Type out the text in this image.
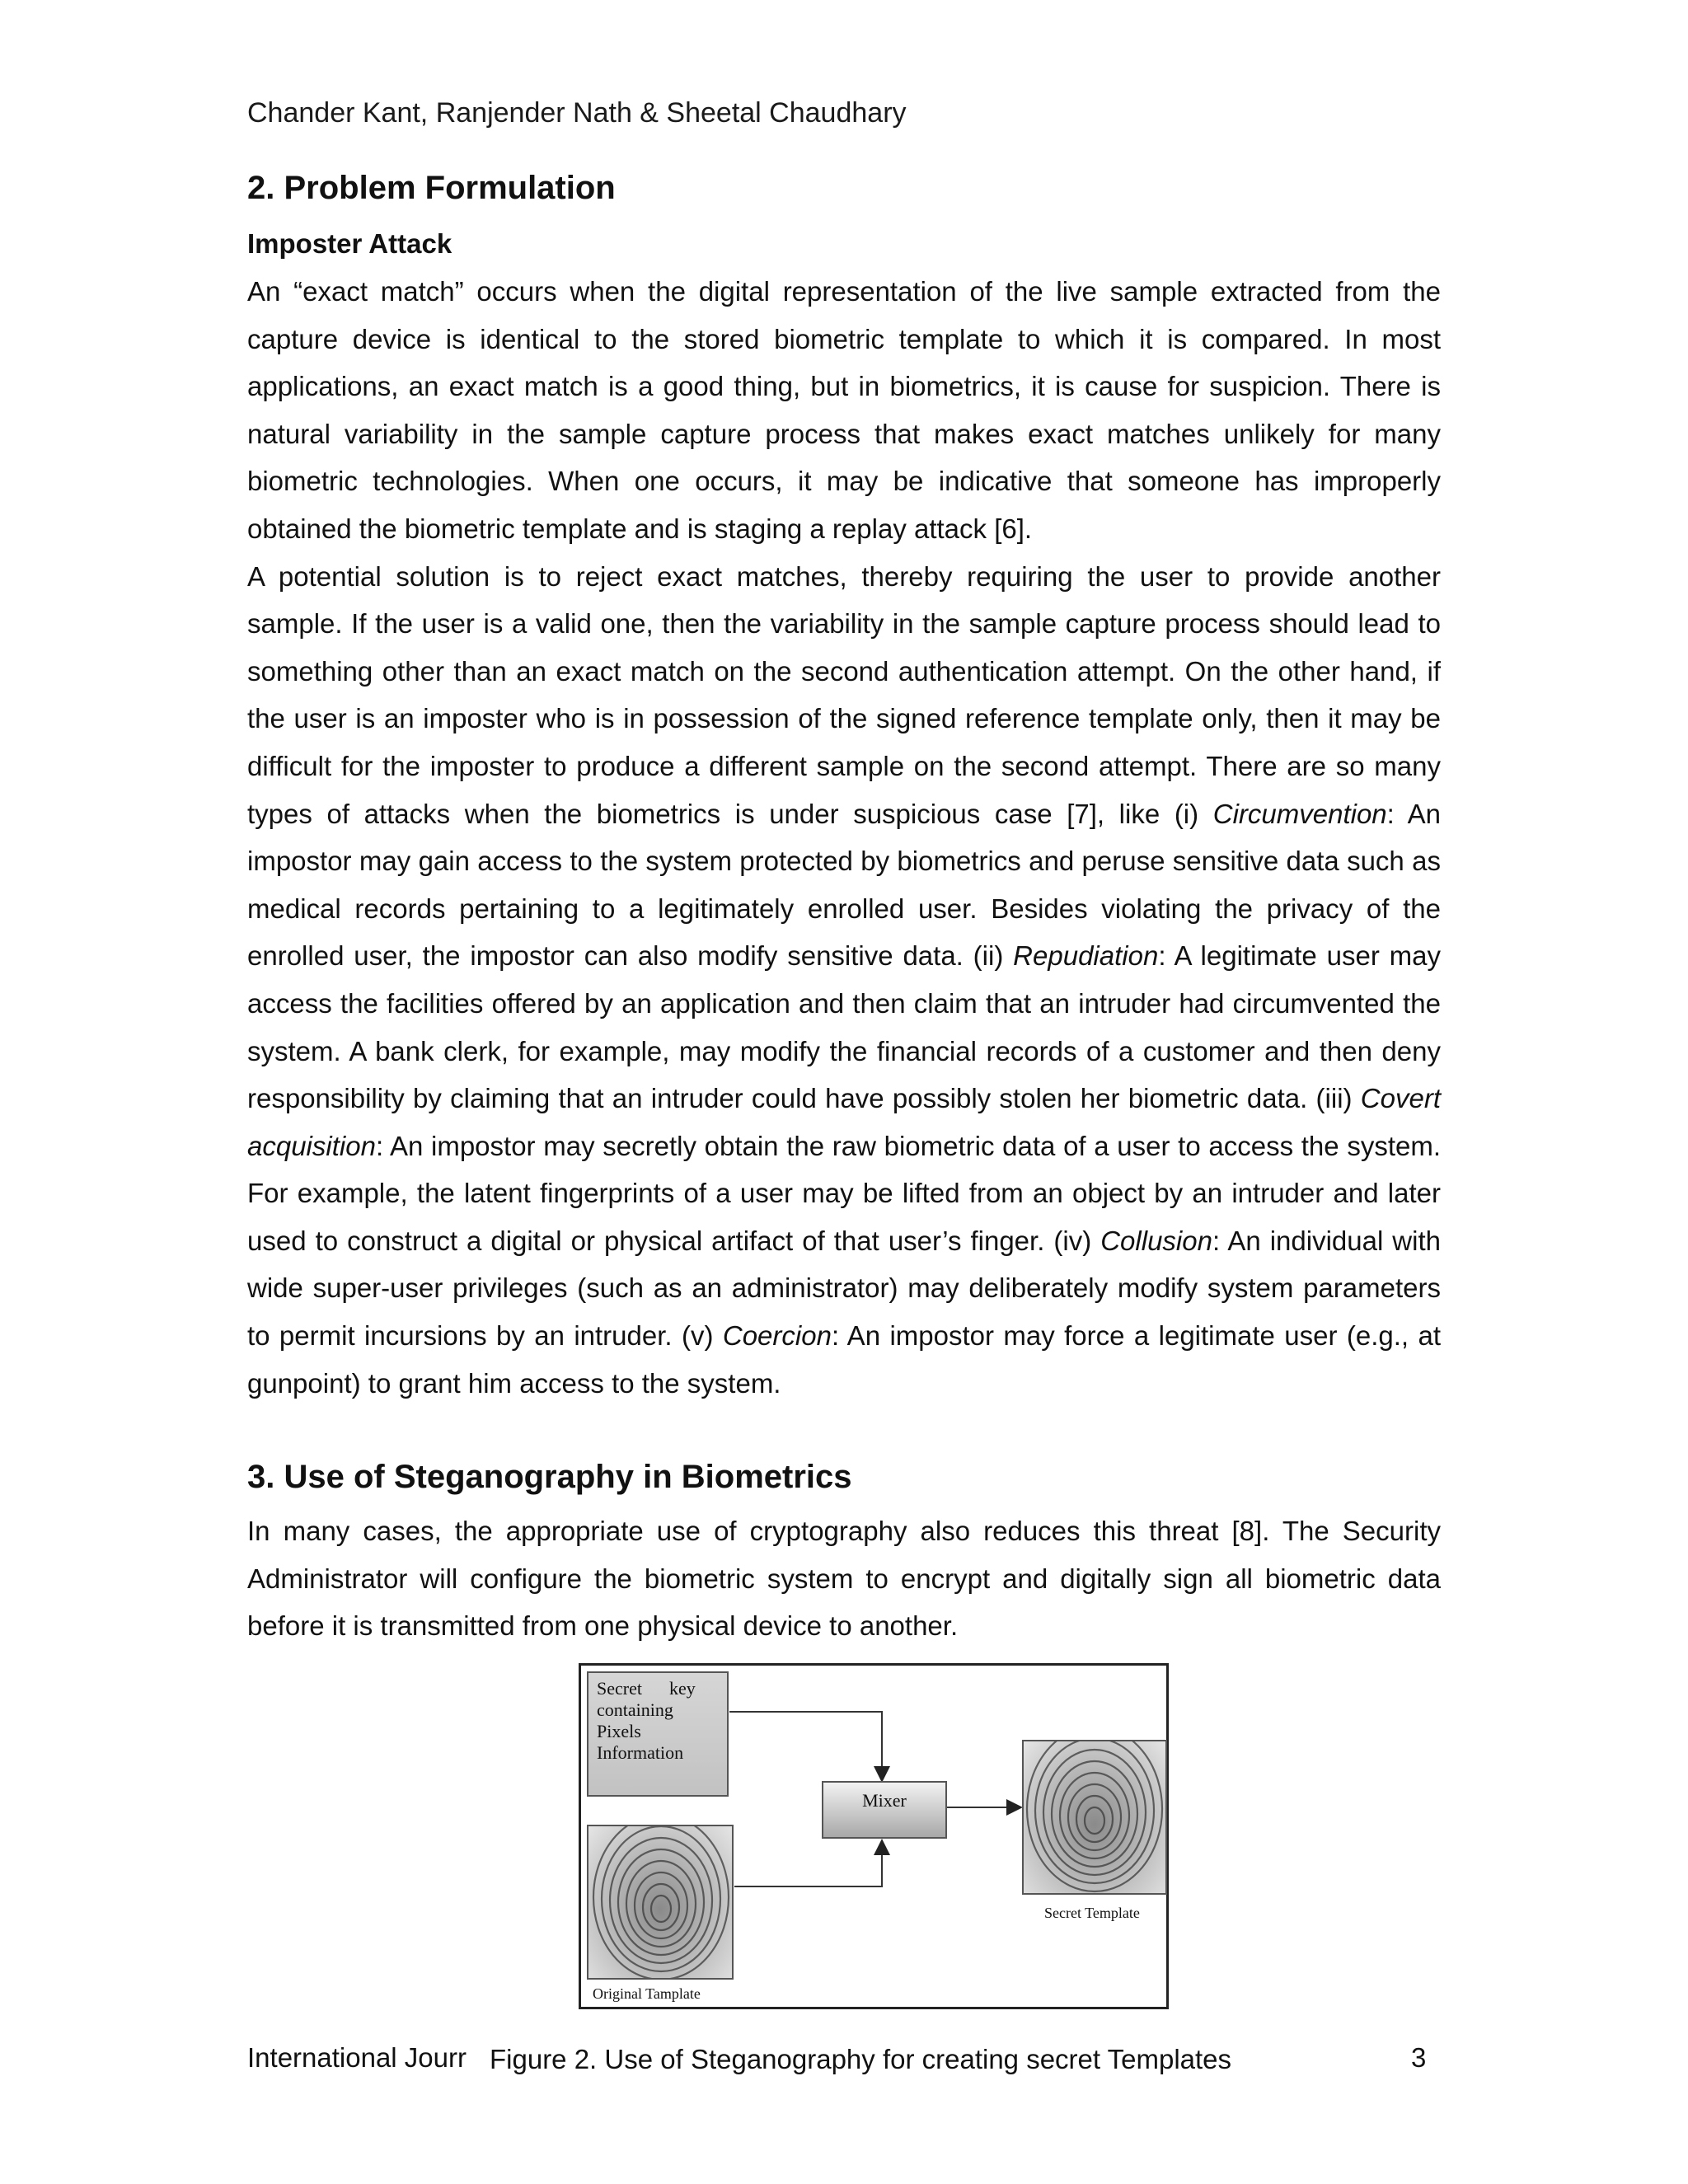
Chander Kant, Ranjender Nath & Sheetal Chaudhary
2. Problem Formulation
Imposter Attack

An “exact match” occurs when the digital representation of the live sample extracted from the capture device is identical to the stored biometric template to which it is compared. In most applications, an exact match is a good thing, but in biometrics, it is cause for suspicion. There is natural variability in the sample capture process that makes exact matches unlikely for many biometric technologies. When one occurs, it may be indicative that someone has improperly obtained the biometric template and is staging a replay attack [6].

A potential solution is to reject exact matches, thereby requiring the user to provide another sample. If the user is a valid one, then the variability in the sample capture process should lead to something other than an exact match on the second authentication attempt. On the other hand, if the user is an imposter who is in possession of the signed reference template only, then it may be difficult for the imposter to produce a different sample on the second attempt. There are so many types of attacks when the biometrics is under suspicious case [7], like (i) Circumvention: An impostor may gain access to the system protected by biometrics and peruse sensitive data such as medical records pertaining to a legitimately enrolled user. Besides violating the privacy of the enrolled user, the impostor can also modify sensitive data. (ii) Repudiation: A legitimate user may access the facilities offered by an application and then claim that an intruder had circumvented the system. A bank clerk, for example, may modify the financial records of a customer and then deny responsibility by claiming that an intruder could have possibly stolen her biometric data. (iii) Covert acquisition: An impostor may secretly obtain the raw biometric data of a user to access the system. For example, the latent fingerprints of a user may be lifted from an object by an intruder and later used to construct a digital or physical artifact of that user’s finger. (iv) Collusion: An individual with wide super-user privileges (such as an administrator) may deliberately modify system parameters to permit incursions by an intruder. (v) Coercion: An impostor may force a legitimate user (e.g., at gunpoint) to grant him access to the system.

3. Use of Steganography in Biometrics

In many cases, the appropriate use of cryptography also reduces this threat [8]. The Security Administrator will configure the biometric system to encrypt and digitally sign all biometric data before it is transmitted from one physical device to another.

Secret      key
containing
Pixels
Information
Mixer
Original Tamplate
Secret Template
International Jourr Figure 2. Use of Steganography for creating secret Templates	3
